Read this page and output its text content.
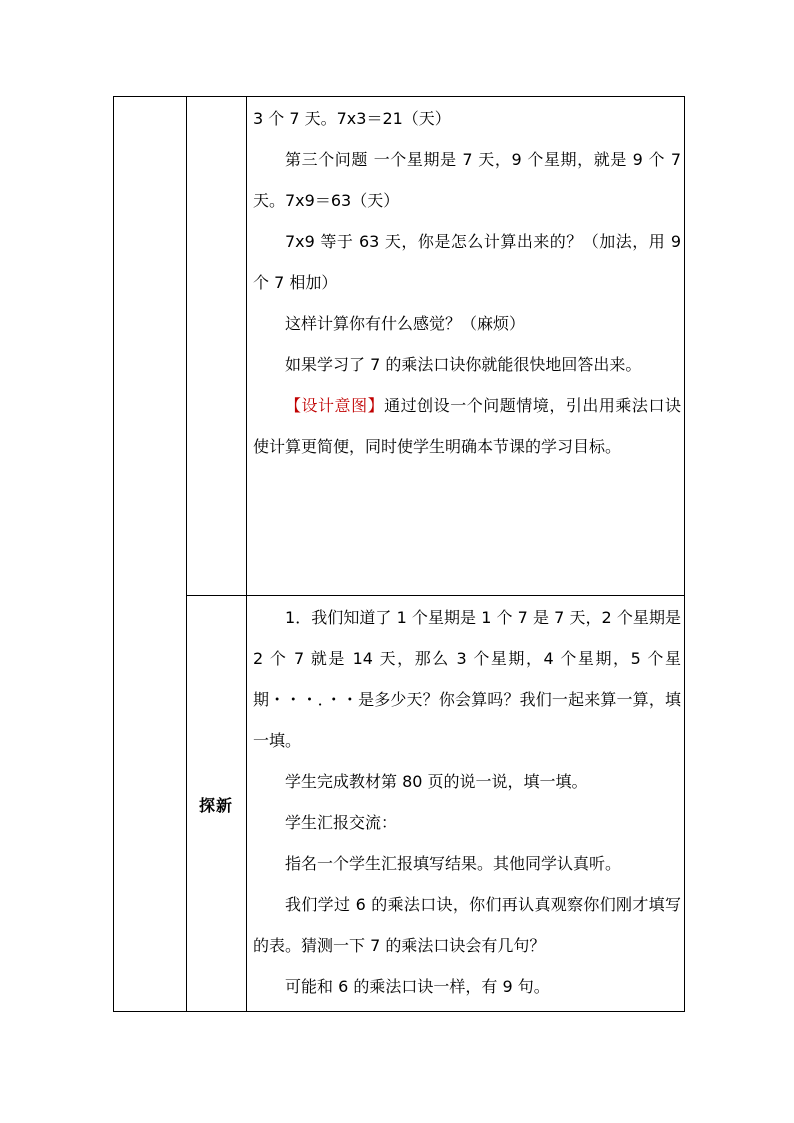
3 个 7 天。7x3＝21（天）

第三个问题 一个星期是 7 天，9 个星期，就是 9 个 7 天。7x9＝63（天）

7x9 等于 63 天，你是怎么计算出来的？（加法，用 9 个 7 相加）

这样计算你有什么感觉？（麻烦）

如果学习了 7 的乘法口诀你就能很快地回答出来。

【设计意图】通过创设一个问题情境，引出用乘法口诀使计算更简便，同时使学生明确本节课的学习目标。

探新

1．我们知道了 1 个星期是 1 个 7 是 7 天，2 个星期是 2 个 7 就是 14 天，那么 3 个星期，4 个星期，5 个星期・・・．・・是多少天？你会算吗？我们一起来算一算，填一填。

学生完成教材第 80 页的说一说，填一填。

学生汇报交流：

指名一个学生汇报填写结果。其他同学认真听。

我们学过 6 的乘法口诀，你们再认真观察你们刚才填写的表。猜测一下 7 的乘法口诀会有几句？

可能和 6 的乘法口诀一样，有 9 句。
